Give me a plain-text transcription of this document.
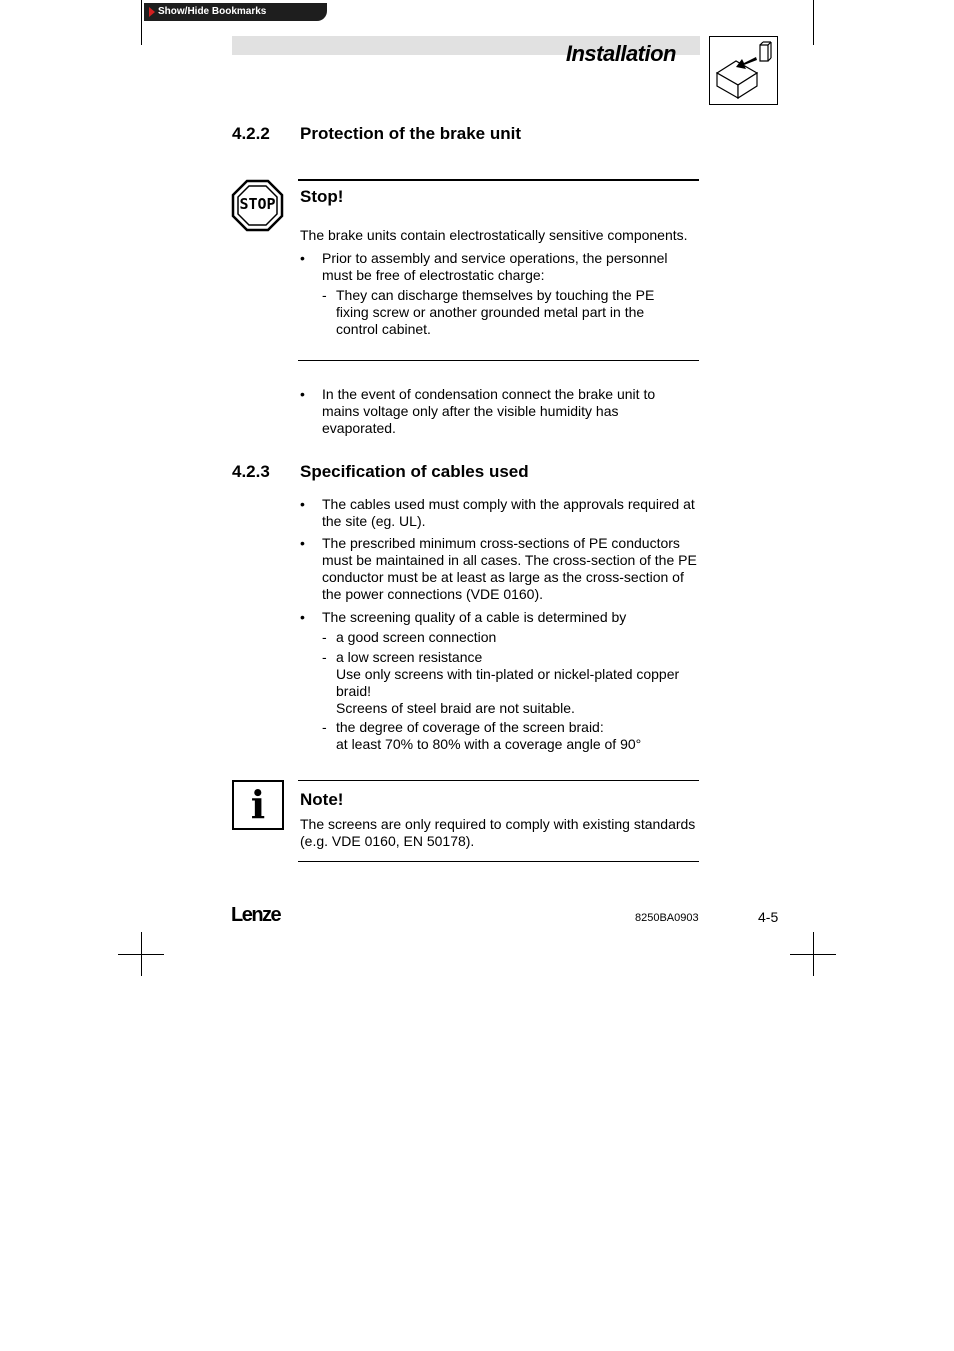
Show/Hide Bookmarks
Installation
4.2.2 Protection of the brake unit
STOP	Stop!
The brake units contain electrostatically sensitive components.
• Prior to assembly and service operations, the personnel must be free of electrostatic charge:
- They can discharge themselves by touching the PE fixing screw or another grounded metal part in the control cabinet.
• In the event of condensation connect the brake unit to mains voltage only after the visible humidity has evaporated.
4.2.3 Specification of cables used
• The cables used must comply with the approvals required at the site (eg. UL).
• The prescribed minimum cross-sections of PE conductors must be maintained in all cases. The cross-section of the PE conductor must be at least as large as the cross-section of the power connections (VDE 0160).
• The screening quality of a cable is determined by
- a good screen connection
- a low screen resistance
Use only screens with tin-plated or nickel-plated copper braid!
Screens of steel braid are not suitable.
- the degree of coverage of the screen braid:
at least 70% to 80% with a coverage angle of 90°
i	Note!
The screens are only required to comply with existing standards (e.g. VDE 0160, EN 50178).
Lenze	8250BA0903	4-5
